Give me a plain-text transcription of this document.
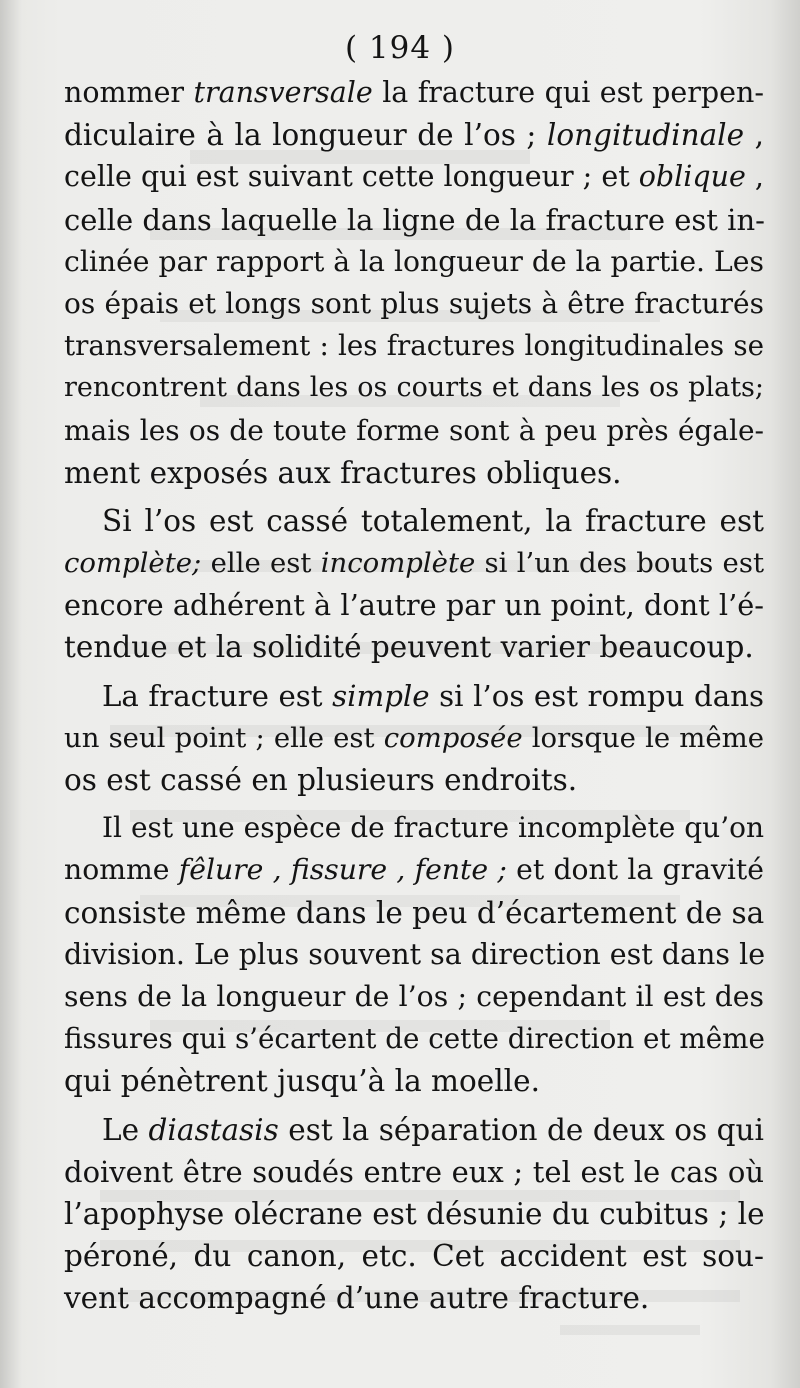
( 194 )
nommer transversale la fracture qui est perpen-
diculaire à la longueur de l’os ; longitudinale ,
celle qui est suivant cette longueur ; et oblique ,
celle dans laquelle la ligne de la fracture est in-
clinée par rapport à la longueur de la partie. Les
os épais et longs sont plus sujets à être fracturés
transversalement : les fractures longitudinales se
rencontrent dans les os courts et dans les os plats;
mais les os de toute forme sont à peu près égale-
ment exposés aux fractures obliques.
Si l’os est cassé totalement, la fracture est
complète; elle est incomplète si l’un des bouts est
encore adhérent à l’autre par un point, dont l’é-
tendue et la solidité peuvent varier beaucoup.
La fracture est simple si l’os est rompu dans
un seul point ; elle est composée lorsque le même
os est cassé en plusieurs endroits.
Il est une espèce de fracture incomplète qu’on
nomme fêlure , fissure , fente ; et dont la gravité
consiste même dans le peu d’écartement de sa
division. Le plus souvent sa direction est dans le
sens de la longueur de l’os ; cependant il est des
fissures qui s’écartent de cette direction et même
qui pénètrent jusqu’à la moelle.
Le diastasis est la séparation de deux os qui
doivent être soudés entre eux ; tel est le cas où
l’apophyse olécrane est désunie du cubitus ; le
péroné, du canon, etc. Cet accident est sou-
vent accompagné d’une autre fracture.
